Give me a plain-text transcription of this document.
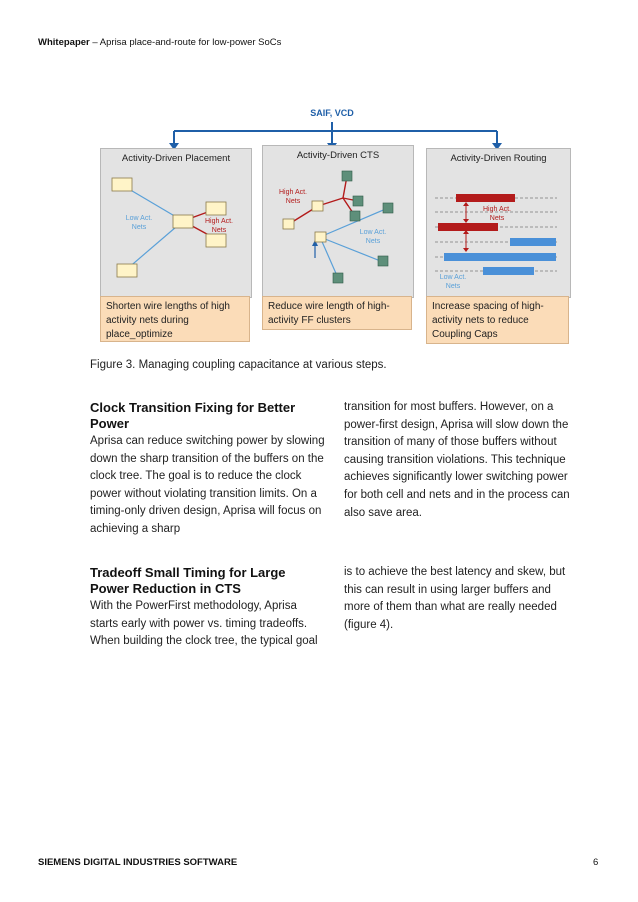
Whitepaper – Aprisa place-and-route for low-power SoCs
SAIF, VCD
Activity-Driven Placement
Low Act. Nets
High Act. Nets
Shorten wire lengths of high activity nets during place_optimize
Activity-Driven CTS
High Act. Nets
Low Act. Nets
Reduce wire length of high-activity FF clusters
Activity-Driven Routing
High Act. Nets
Low Act. Nets
Increase spacing of high-activity nets to reduce Coupling Caps
Figure 3. Managing coupling capacitance at various steps.
Clock Transition Fixing for Better Power

Aprisa can reduce switching power by slowing down the sharp transition of the buffers on the clock tree. The goal is to reduce the clock power without violating transition limits. On a timing-only driven design, Aprisa will focus on achieving a sharp

transition for most buffers. However, on a power-first design, Aprisa will slow down the transition of many of those buffers without causing transition violations. This technique achieves significantly lower switching power for both cell and nets and in the process can also save area.

Tradeoff Small Timing for Large Power Reduction in CTS

With the PowerFirst methodology, Aprisa starts early with power vs. timing tradeoffs. When building the clock tree, the typical goal

is to achieve the best latency and skew, but this can result in using larger buffers and more of them than what are really needed (figure 4).

SIEMENS DIGITAL INDUSTRIES SOFTWARE	6
